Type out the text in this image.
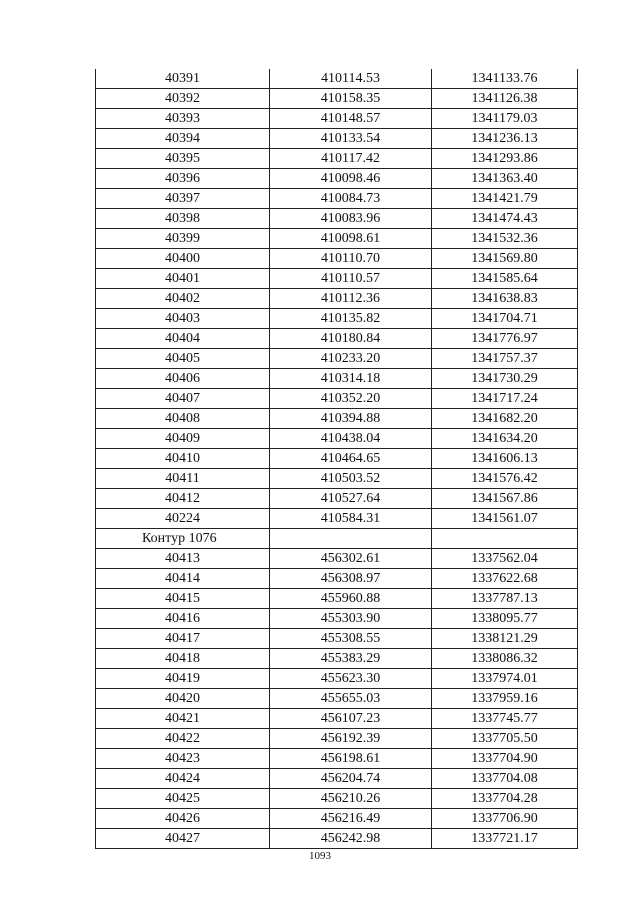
40391	410114.53	1341133.76
40392	410158.35	1341126.38
40393	410148.57	1341179.03
40394	410133.54	1341236.13
40395	410117.42	1341293.86
40396	410098.46	1341363.40
40397	410084.73	1341421.79
40398	410083.96	1341474.43
40399	410098.61	1341532.36
40400	410110.70	1341569.80
40401	410110.57	1341585.64
40402	410112.36	1341638.83
40403	410135.82	1341704.71
40404	410180.84	1341776.97
40405	410233.20	1341757.37
40406	410314.18	1341730.29
40407	410352.20	1341717.24
40408	410394.88	1341682.20
40409	410438.04	1341634.20
40410	410464.65	1341606.13
40411	410503.52	1341576.42
40412	410527.64	1341567.86
40224	410584.31	1341561.07
Контур 1076		
40413	456302.61	1337562.04
40414	456308.97	1337622.68
40415	455960.88	1337787.13
40416	455303.90	1338095.77
40417	455308.55	1338121.29
40418	455383.29	1338086.32
40419	455623.30	1337974.01
40420	455655.03	1337959.16
40421	456107.23	1337745.77
40422	456192.39	1337705.50
40423	456198.61	1337704.90
40424	456204.74	1337704.08
40425	456210.26	1337704.28
40426	456216.49	1337706.90
40427	456242.98	1337721.17
1093
